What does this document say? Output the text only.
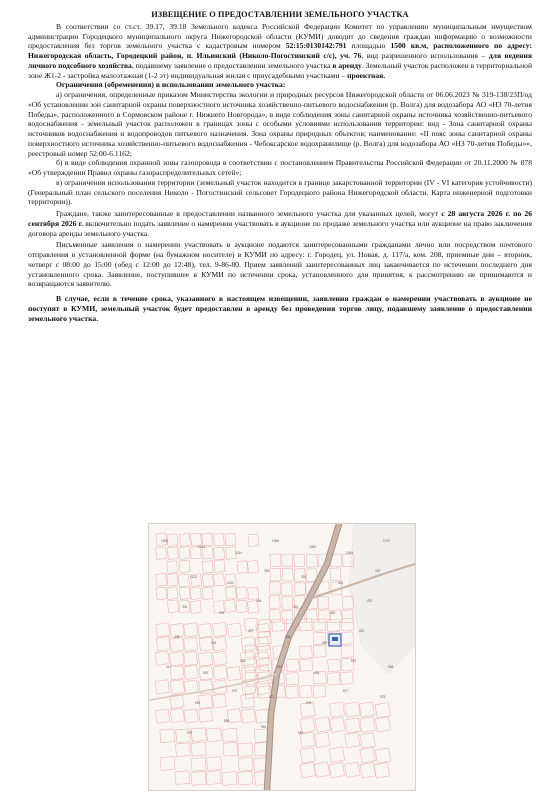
ИЗВЕЩЕНИЕ О ПРЕДОСТАВЛЕНИИ ЗЕМЕЛЬНОГО УЧАСТКА

В соответствии со ст.ст. 39.17, 39.18 Земельного кодекса Российской Федерации Комитет по управлению муниципальным имуществом администрации Городецкого муниципального округа Нижегородской области (КУМИ) доводит до сведения граждан информацию о возможности предоставления без торгов земельного участка с кадастровым номером 52:15:0130142:791 площадью 1500 кв.м, расположенного по адресу: Нижегородская область, Городецкий район, п. Ильинский (Николо-Погостинский с/с), уч. 76, вид разрешенного использования – для ведения личного подсобного хозяйства, подавшему заявление о предоставлении земельного участка в аренду. Земельный участок расположен в территориальной зоне Ж1-2 - застройка малоэтажная (1-2 эт) индивидуальная жилая с приусадебными участками – проектная.

Ограничения (обременения) в использовании земельного участка:

а) ограничения, определенные приказом Министерства экологии и природных ресурсов Нижегородской области от 06.06.2023 № 319-138/23П/од «Об установлении зон санитарной охраны поверхностного источника хозяйственно-питьевого водоснабжения (р. Волга) для водозабора АО «НЗ 70-летия Победы», расположенного в Сормовском районе г. Нижнего Новгорода», в виде соблюдения зоны санитарной охраны источника хозяйственно-питьевого водоснабжения - земельный участок расположен в границах зоны с особыми условиями использования территории: вид - Зона санитарной охраны источников водоснабжения и водопроводов питьевого назначения. Зона охраны природных объектов; наименование: «II пояс зоны санитарной охраны поверхностного источника хозяйственно-питьевого водоснабжения - Чебоксарское водохранилище (р. Волга) для водозабора АО «НЗ 70-летия Победы»», реестровый номер 52:00-6.1162;

б) в виде соблюдения охранной зоны газопровода в соответствии с постановлением Правительства Российской Федерации от 20.11.2000 № 878 «Об утверждении Правил охраны газораспределительных сетей»;

в) ограничения использования территории (земельный участок находится в границе закарстованной территории (IV - VI категория устойчивости) (Генеральный план сельского поселения Николо - Погостинский сельсовет Городецкого района Нижегородской области. Карта инженерной подготовки территории)).

Граждане, также заинтересованные в предоставлении названного земельного участка для указанных целей, могут с 28 августа 2026 г. по 26 сентября 2026 г. включительно подать заявление о намерении участвовать в аукционе по продаже земельного участка или аукционе на право заключения договора аренды земельного участка.

Письменные заявления о намерении участвовать в аукционе подаются заинтересованными гражданами лично или посредством почтового отправления в установленной форме (на бумажном носителе) в КУМИ по адресу: г. Городец, ул. Новая, д. 117/а, ком. 208, приемные дни – вторник, четверг с 08:00 до 15:00 (обед с 12:00 до 12:48), тел. 9-86-80. Прием заявлений заинтересованных лиц заканчивается по истечении последнего дня установленного срока. Заявление, поступившее в КУМИ по истечении срока, установленного для принятия, к рассмотрению не принимаются и возвращаются заявителю.

В случае, если в течение срока, указанного в настоящем извещении, заявления граждан о намерении участвовать в аукционе не поступят в КУМИ, земельный участок будет предоставлен в аренду без проведения торгов лицу, подавшему заявление о предоставлении земельного участка.

1000
1001
1014
1056
1060
1064
1070
1122
1152
300
301
302
303
304
305
306
401
402
403
405
406
407
408
409
410
417
551
552
553
554
567
568
569
570
572
576
577
578
579
580
581
582
